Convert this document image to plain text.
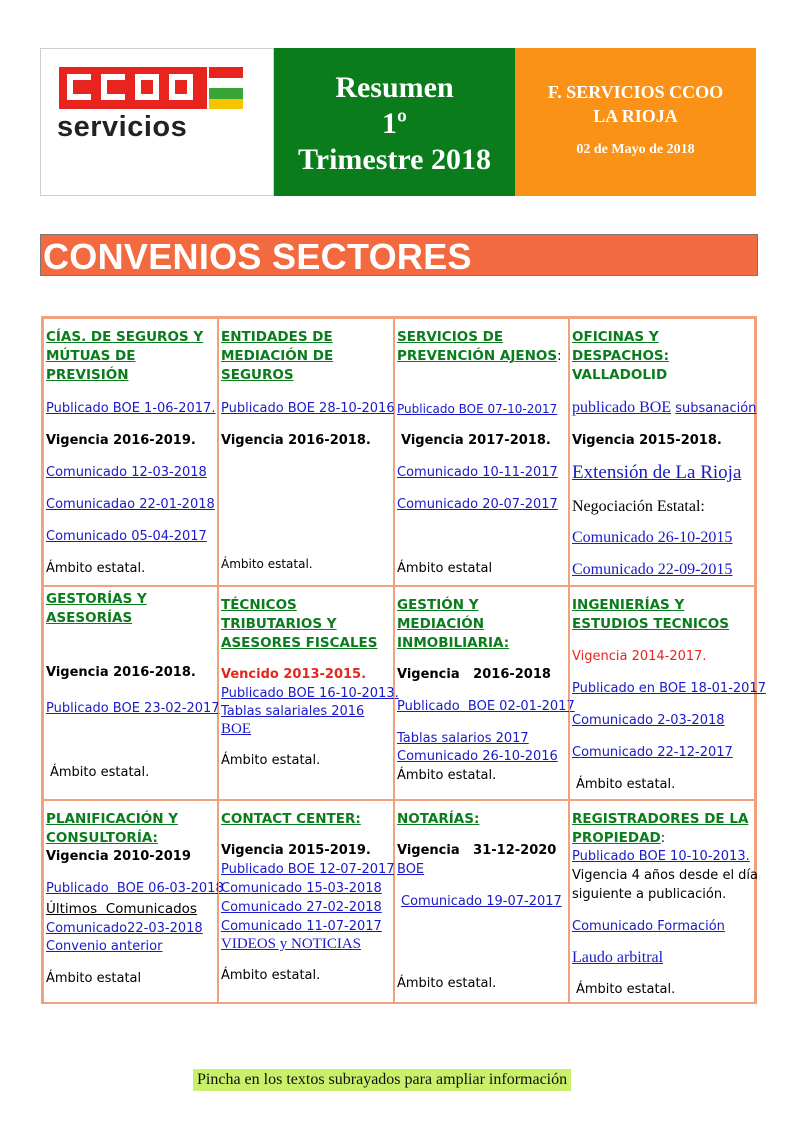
servicios
Resumen
1º
Trimestre 2018
F. SERVICIOS CCOO
LA RIOJA
02 de Mayo de 2018
CONVENIOS SECTORES
CÍAS. DE SEGUROS Y
MÚTUAS DE
PREVISIÓN
Publicado BOE 1-06-2017.
Vigencia 2016-2019.
Comunicado 12-03-2018
Comunicadao 22-01-2018
Comunicado 05-04-2017
Ámbito estatal.
ENTIDADES DE
MEDIACIÓN DE
SEGUROS
Publicado BOE 28-10-2016
Vigencia 2016-2018.
Ámbito estatal.
SERVICIOS DE
PREVENCIÓN AJENOS:
Publicado BOE 07-10-2017
Vigencia 2017-2018.
Comunicado 10-11-2017
Comunicado 20-07-2017
Ámbito estatal
OFICINAS Y
DESPACHOS:
VALLADOLID
publicado BOE subsanación
Vigencia 2015-2018.
Extensión de La Rioja
Negociación Estatal:
Comunicado 26-10-2015
Comunicado 22-09-2015
GESTORÍAS Y
ASESORÍAS
Vigencia 2016-2018.
Publicado BOE 23-02-2017
Ámbito estatal.
TÉCNICOS
TRIBUTARIOS Y
ASESORES FISCALES
Vencido 2013-2015.
Publicado BOE 16-10-2013.
Tablas salariales 2016
BOE
Ámbito estatal.
GESTIÓN Y
MEDIACIÓN
INMOBILIARIA:
Vigencia   2016-2018
Publicado  BOE 02-01-2017
Tablas salarios 2017
Comunicado 26-10-2016
Ámbito estatal.
INGENIERÍAS Y
ESTUDIOS TECNICOS
Vigencia 2014-2017.
Publicado en BOE 18-01-2017
Comunicado 2-03-2018
Comunicado 22-12-2017
Ámbito estatal.
PLANIFICACIÓN Y
CONSULTORÍA:
Vigencia 2010-2019
Publicado  BOE 06-03-2018
Últimos  Comunicados
Comunicado22-03-2018
Convenio anterior
Ámbito estatal
CONTACT CENTER:
Vigencia 2015-2019.
Publicado BOE 12-07-2017
Comunicado 15-03-2018
Comunicado 27-02-2018
Comunicado 11-07-2017
VIDEOS y NOTICIAS
Ámbito estatal.
NOTARÍAS:
Vigencia   31-12-2020
BOE
Comunicado 19-07-2017
Ámbito estatal.
REGISTRADORES DE LA
PROPIEDAD:
Publicado BOE 10-10-2013.
Vigencia 4 años desde el día
siguiente a publicación.
Comunicado Formación
Laudo arbitral
Ámbito estatal.
Pincha en los textos subrayados para ampliar información
